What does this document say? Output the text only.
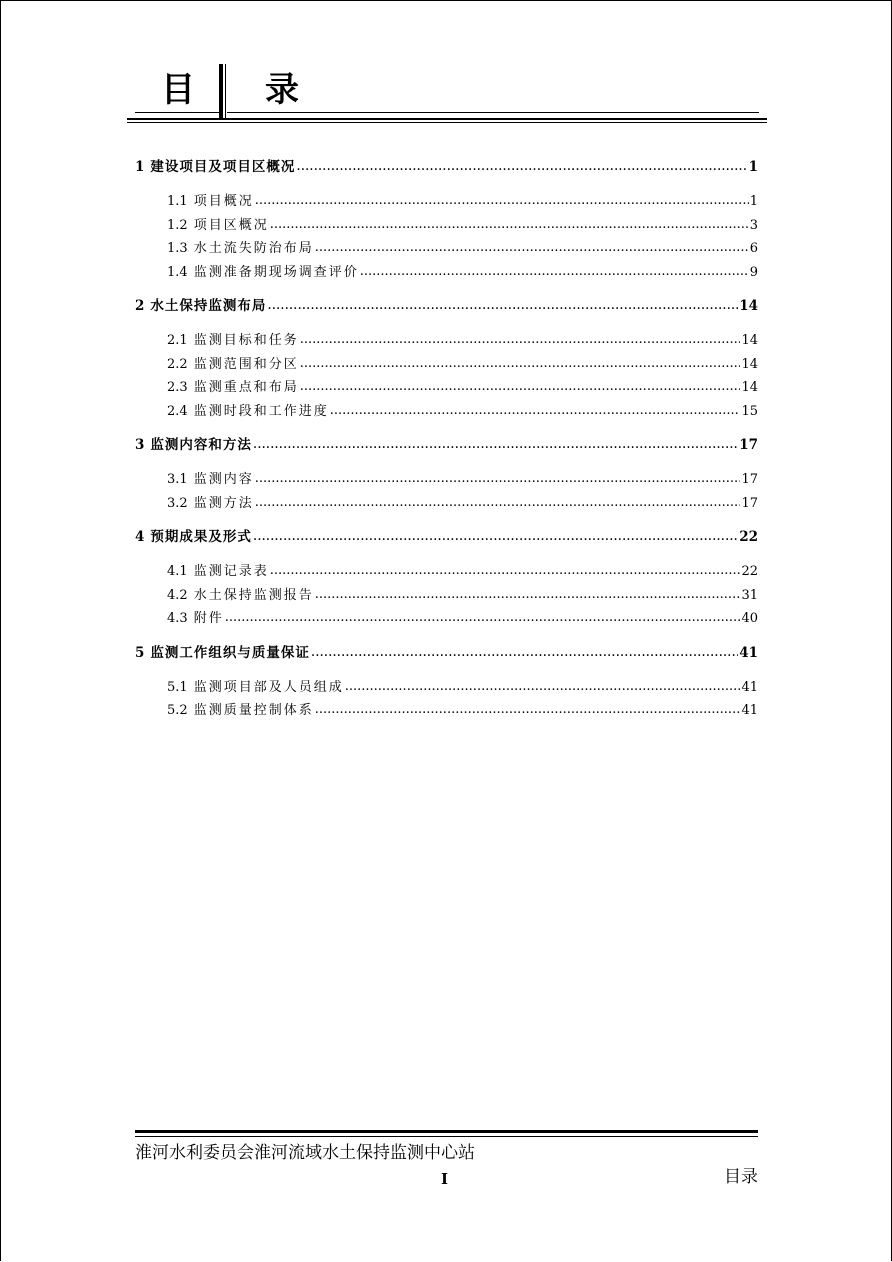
目 录
1 建设项目及项目区概况 .....	1
1.1 项目概况 .....	1
1.2 项目区概况 .....	3
1.3 水土流失防治布局 .....	6
1.4 监测准备期现场调查评价 .....	9
2 水土保持监测布局 .....	14
2.1 监测目标和任务 .....	14
2.2 监测范围和分区 .....	14
2.3 监测重点和布局 .....	14
2.4 监测时段和工作进度 .....	15
3 监测内容和方法 .....	17
3.1 监测内容 .....	17
3.2 监测方法 .....	17
4 预期成果及形式 .....	22
4.1 监测记录表 .....	22
4.2 水土保持监测报告 .....	31
4.3 附件 .....	40
5 监测工作组织与质量保证 .....	41
5.1 监测项目部及人员组成 .....	41
5.2 监测质量控制体系 .....	41
淮河水利委员会淮河流域水土保持监测中心站
I	目录
